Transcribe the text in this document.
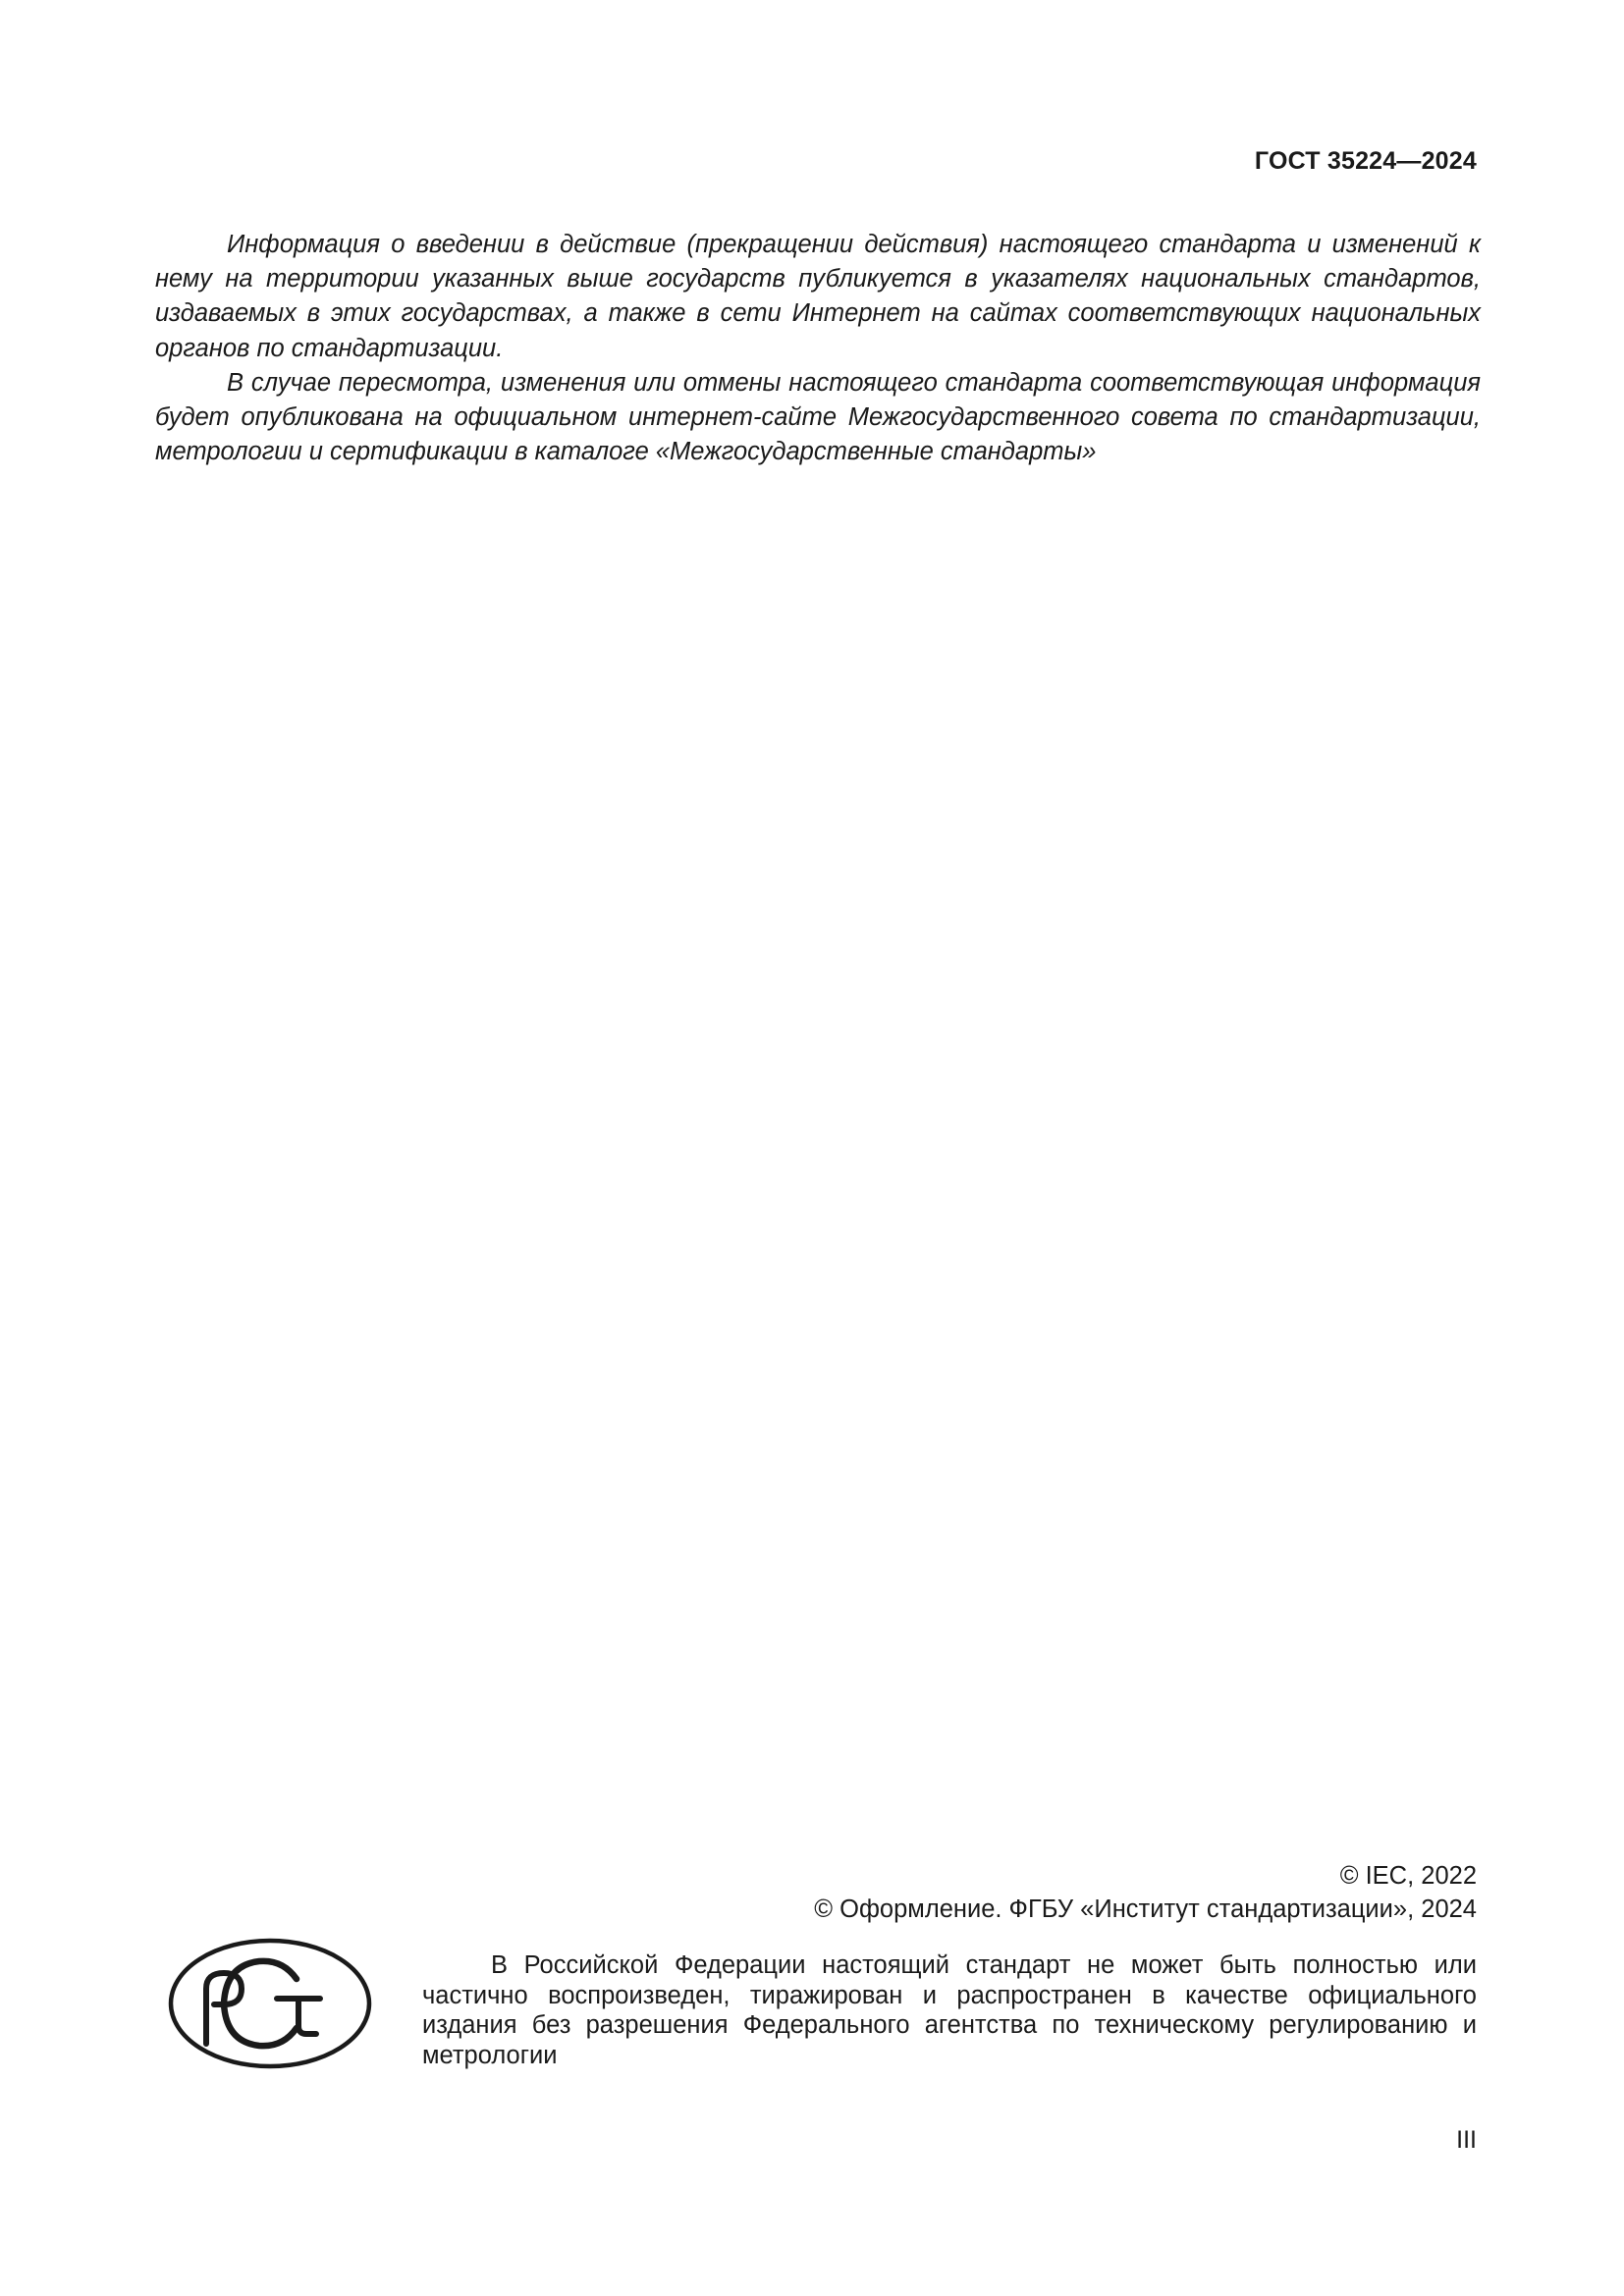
ГОСТ 35224—2024

Информация о введении в действие (прекращении действия) настоящего стандарта и изменений к нему на территории указанных выше государств публикуется в указателях национальных стандартов, издаваемых в этих государствах, а также в сети Интернет на сайтах соответствующих национальных органов по стандартизации.

В случае пересмотра, изменения или отмены настоящего стандарта соответствующая информация будет опубликована на официальном интернет-сайте Межгосударственного совета по стандартизации, метрологии и сертификации в каталоге «Межгосударственные стандарты»

© IEC, 2022
© Оформление. ФГБУ «Институт стандартизации», 2024

В Российской Федерации настоящий стандарт не может быть полностью или частично воспроизведен, тиражирован и распространен в качестве официального издания без разрешения Федерального агентства по техническому регулированию и метрологии

III
